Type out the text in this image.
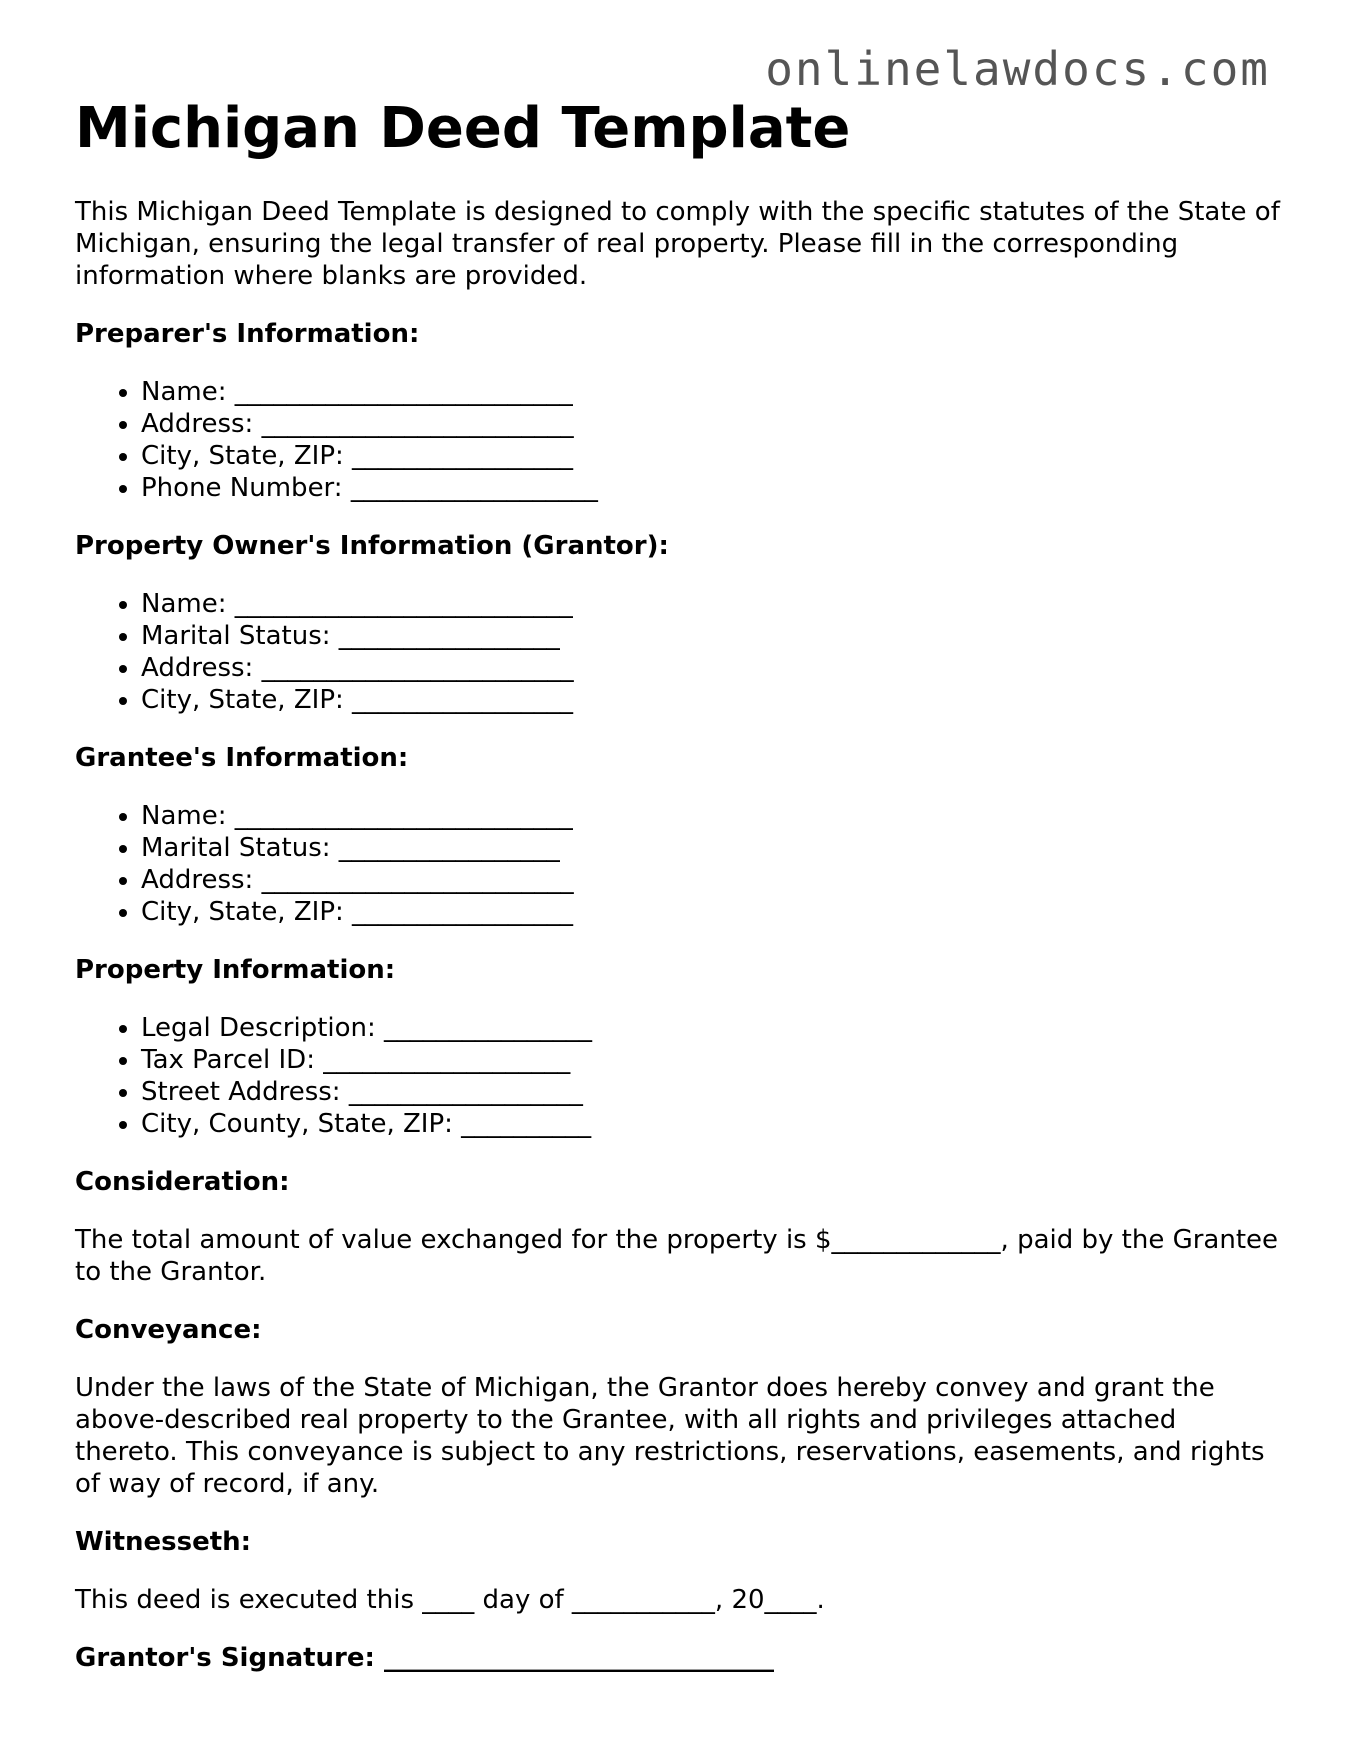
onlinelawdocs.com
Michigan Deed Template

This Michigan Deed Template is designed to comply with the specific statutes of the State of Michigan, ensuring the legal transfer of real property. Please fill in the corresponding information where blanks are provided.

Preparer's Information:
• Name: __________________________
• Address: ________________________
• City, State, ZIP: _________________
• Phone Number: ___________________
Property Owner's Information (Grantor):
• Name: __________________________
• Marital Status: _________________
• Address: ________________________
• City, State, ZIP: _________________
Grantee's Information:
• Name: __________________________
• Marital Status: _________________
• Address: ________________________
• City, State, ZIP: _________________
Property Information:
• Legal Description: ________________
• Tax Parcel ID: ___________________
• Street Address: __________________
• City, County, State, ZIP: __________
Consideration:

The total amount of value exchanged for the property is $_____________, paid by the Grantee to the Grantor.

Conveyance:

Under the laws of the State of Michigan, the Grantor does hereby convey and grant the above-described real property to the Grantee, with all rights and privileges attached thereto. This conveyance is subject to any restrictions, reservations, easements, and rights of way of record, if any.

Witnesseth:

This deed is executed this ____ day of ___________, 20____.

Grantor's Signature: ______________________________
